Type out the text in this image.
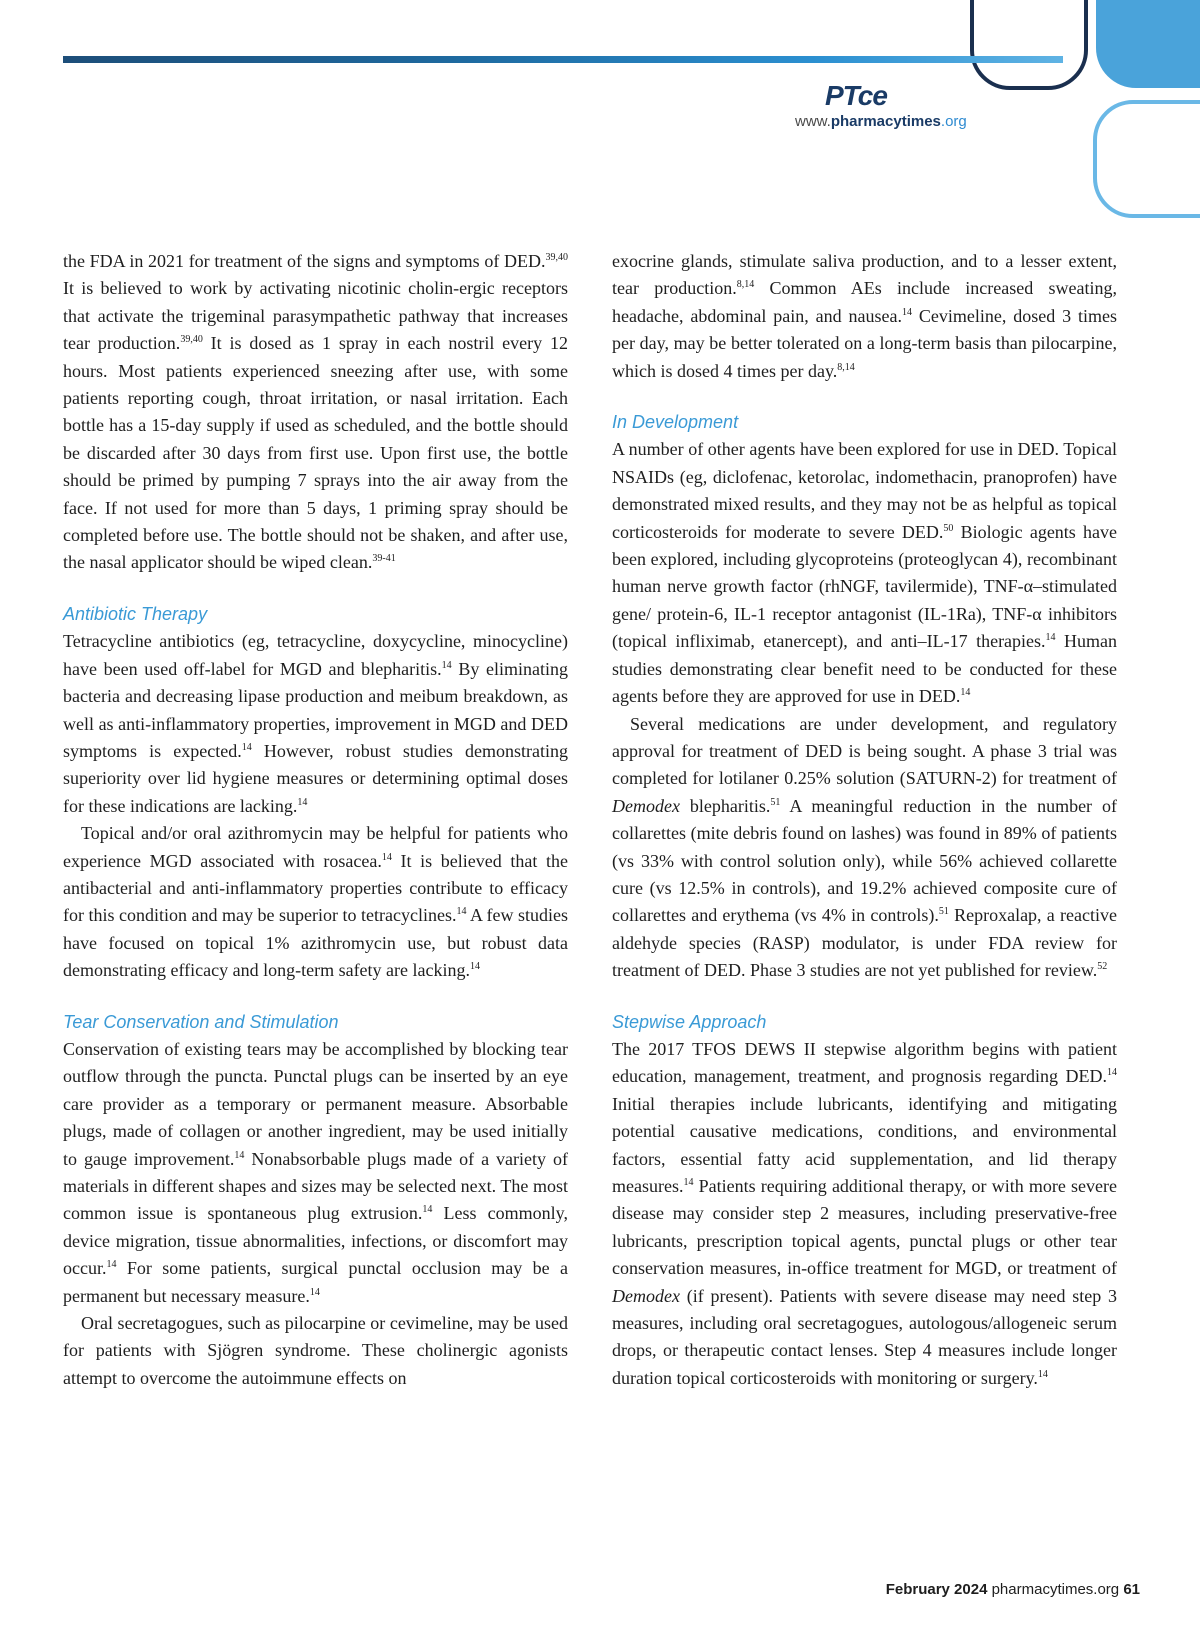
PTce
www.pharmacytimes.org

the FDA in 2021 for treatment of the signs and symptoms of DED.$^{39,40}$ It is believed to work by activating nicotinic cholin-ergic receptors that activate the trigeminal parasympathetic pathway that increases tear production.$^{39,40}$ It is dosed as 1 spray in each nostril every 12 hours. Most patients experienced sneezing after use, with some patients reporting cough, throat irritation, or nasal irritation. Each bottle has a 15-day supply if used as scheduled, and the bottle should be discarded after 30 days from first use. Upon first use, the bottle should be primed by pumping 7 sprays into the air away from the face. If not used for more than 5 days, 1 priming spray should be completed before use. The bottle should not be shaken, and after use, the nasal applicator should be wiped clean.$^{39-41}$

Antibiotic Therapy

Tetracycline antibiotics (eg, tetracycline, doxycycline, minocycline) have been used off-label for MGD and blepharitis.$^{14}$ By eliminating bacteria and decreasing lipase production and meibum breakdown, as well as anti-inflammatory properties, improvement in MGD and DED symptoms is expected.$^{14}$ However, robust studies demonstrating superiority over lid hygiene measures or determining optimal doses for these indications are lacking.$^{14}$

Topical and/or oral azithromycin may be helpful for patients who experience MGD associated with rosacea.$^{14}$ It is believed that the antibacterial and anti-inflammatory properties contribute to efficacy for this condition and may be superior to tetracyclines.$^{14}$ A few studies have focused on topical 1% azithromycin use, but robust data demonstrating efficacy and long-term safety are lacking.$^{14}$

Tear Conservation and Stimulation

Conservation of existing tears may be accomplished by blocking tear outflow through the puncta. Punctal plugs can be inserted by an eye care provider as a temporary or permanent measure. Absorbable plugs, made of collagen or another ingredient, may be used initially to gauge improvement.$^{14}$ Nonabsorbable plugs made of a variety of materials in different shapes and sizes may be selected next. The most common issue is spontaneous plug extrusion.$^{14}$ Less commonly, device migration, tissue abnormalities, infections, or discomfort may occur.$^{14}$ For some patients, surgical punctal occlusion may be a permanent but necessary measure.$^{14}$

Oral secretagogues, such as pilocarpine or cevimeline, may be used for patients with Sjögren syndrome. These cholinergic agonists attempt to overcome the autoimmune effects on

exocrine glands, stimulate saliva production, and to a lesser extent, tear production.$^{8,14}$ Common AEs include increased sweating, headache, abdominal pain, and nausea.$^{14}$ Cevimeline, dosed 3 times per day, may be better tolerated on a long-term basis than pilocarpine, which is dosed 4 times per day.$^{8,14}$

In Development

A number of other agents have been explored for use in DED. Topical NSAIDs (eg, diclofenac, ketorolac, indomethacin, pranoprofen) have demonstrated mixed results, and they may not be as helpful as topical corticosteroids for moderate to severe DED.$^{50}$ Biologic agents have been explored, including glycoproteins (proteoglycan 4), recombinant human nerve growth factor (rhNGF, tavilermide), TNF-α–stimulated gene/ protein-6, IL-1 receptor antagonist (IL-1Ra), TNF-α inhibitors (topical infliximab, etanercept), and anti–IL-17 therapies.$^{14}$ Human studies demonstrating clear benefit need to be conducted for these agents before they are approved for use in DED.$^{14}$

Several medications are under development, and regulatory approval for treatment of DED is being sought. A phase 3 trial was completed for lotilaner 0.25% solution (SATURN-2) for treatment of Demodex blepharitis.$^{51}$ A meaningful reduction in the number of collarettes (mite debris found on lashes) was found in 89% of patients (vs 33% with control solution only), while 56% achieved collarette cure (vs 12.5% in controls), and 19.2% achieved composite cure of collarettes and erythema (vs 4% in controls).$^{51}$ Reproxalap, a reactive aldehyde species (RASP) modulator, is under FDA review for treatment of DED. Phase 3 studies are not yet published for review.$^{52}$

Stepwise Approach

The 2017 TFOS DEWS II stepwise algorithm begins with patient education, management, treatment, and prognosis regarding DED.$^{14}$ Initial therapies include lubricants, identifying and mitigating potential causative medications, conditions, and environmental factors, essential fatty acid supplementation, and lid therapy measures.$^{14}$ Patients requiring additional therapy, or with more severe disease may consider step 2 measures, including preservative-free lubricants, prescription topical agents, punctal plugs or other tear conservation measures, in-office treatment for MGD, or treatment of Demodex (if present). Patients with severe disease may need step 3 measures, including oral secretagogues, autologous/allogeneic serum drops, or therapeutic contact lenses. Step 4 measures include longer duration topical corticosteroids with monitoring or surgery.$^{14}$

February 2024 pharmacytimes.org 61
